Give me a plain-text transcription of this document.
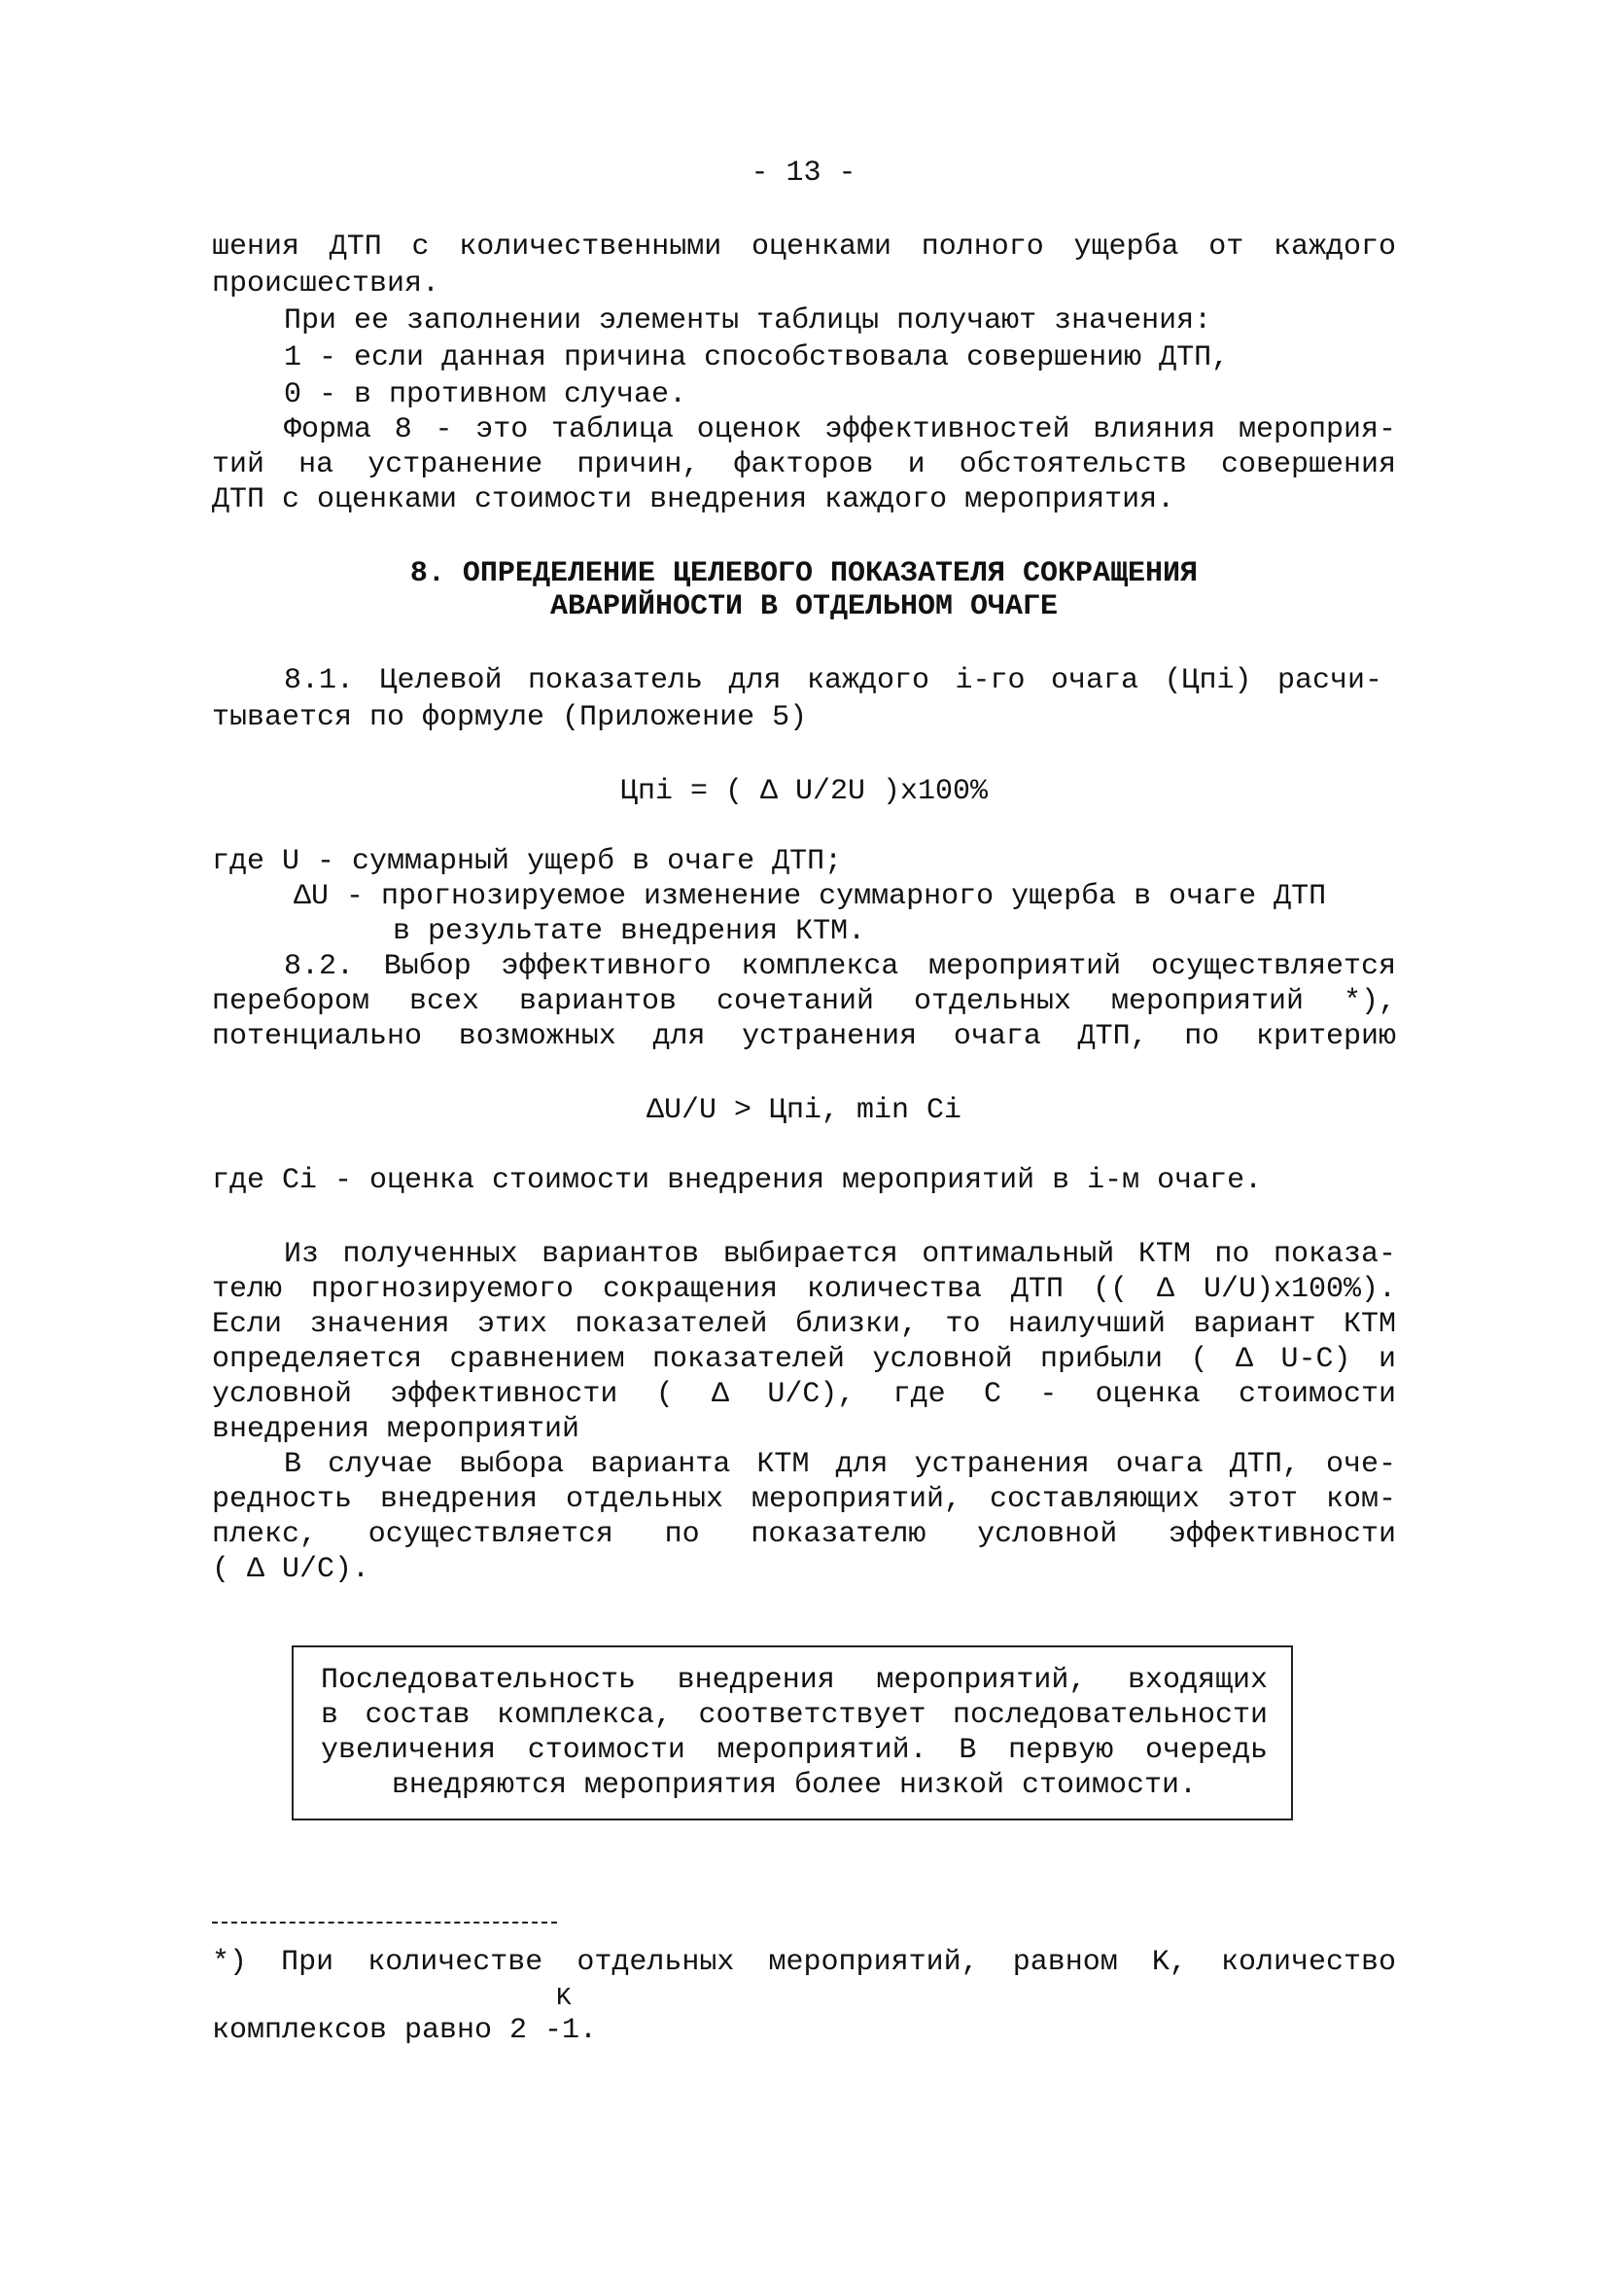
- 13 -
шения ДТП с количественными оценками полного ущерба от каждого
происшествия.
При ее заполнении элементы таблицы получают значения:
1 - если данная причина способствовала совершению ДТП,
0 - в противном случае.
Форма 8 - это таблица оценок эффективностей влияния мероприя-
тий на устранение причин, факторов и обстоятельств совершения
ДТП с оценками стоимости внедрения каждого мероприятия.
8. ОПРЕДЕЛЕНИЕ ЦЕЛЕВОГО ПОКАЗАТЕЛЯ СОКРАЩЕНИЯ
АВАРИЙНОСТИ В ОТДЕЛЬНОМ ОЧАГЕ
8.1. Целевой показатель для каждого i-го очага (Цпi) расчи-
тывается по формуле (Приложение 5)
Цпi = ( Δ U/2U )x100%
где U - суммарный ущерб в очаге ДТП;
ΔU - прогнозируемое изменение суммарного ущерба в очаге ДТП
в результате внедрения КТМ.
8.2. Выбор эффективного комплекса мероприятий осуществляется
перебором всех вариантов сочетаний отдельных мероприятий *),
потенциально возможных для устранения очага ДТП, по критерию
ΔU/U > Цпi, min Ci
где Ci - оценка стоимости внедрения мероприятий в i-м очаге.
Из полученных вариантов выбирается оптимальный КТМ по показа-
телю прогнозируемого сокращения количества ДТП (( Δ U/U)x100%).
Если значения этих показателей близки, то наилучший вариант КТМ
определяется сравнением показателей условной прибыли ( Δ U-C) и
условной эффективности ( Δ U/C), где C - оценка стоимости
внедрения мероприятий
В случае выбора варианта КТМ для устранения очага ДТП, оче-
редность внедрения отдельных мероприятий, составляющих этот ком-
плекс, осуществляется по показателю условной эффективности
( Δ U/C).
Последовательность внедрения мероприятий, входящих
в состав комплекса, соответствует последовательности
увеличения стоимости мероприятий. В первую очередь
внедряются мероприятия более низкой стоимости.
*) При количестве отдельных мероприятий, равном K, количество
K
комплексов равно 2 -1.
